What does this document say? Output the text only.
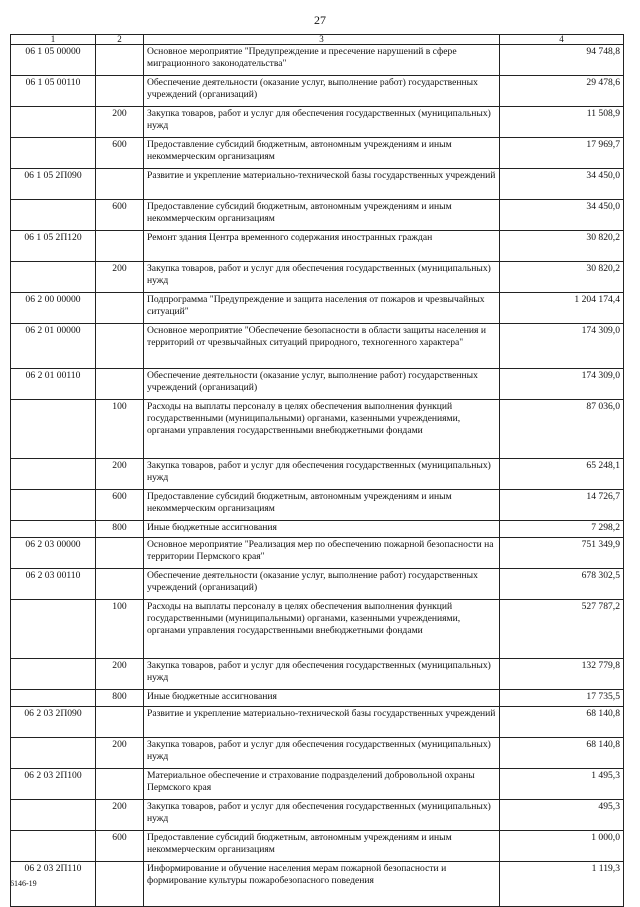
27
1	2	3	4
06 1 05 00000		Основное мероприятие "Предупреждение и пресечение нарушений в сфере миграционного законодательства"	94 748,8
06 1 05 00110		Обеспечение деятельности (оказание услуг, выполнение работ) государственных учреждений (организаций)	29 478,6
	200	Закупка товаров, работ и услуг для обеспечения государственных (муниципальных) нужд	11 508,9
	600	Предоставление субсидий бюджетным, автономным учреждениям и иным некоммерческим организациям	17 969,7
06 1 05 2П090		Развитие и укрепление материально-технической базы государственных учреждений	34 450,0
	600	Предоставление субсидий бюджетным, автономным учреждениям и иным некоммерческим организациям	34 450,0
06 1 05 2П120		Ремонт здания Центра временного содержания иностранных граждан	30 820,2
	200	Закупка товаров, работ и услуг для обеспечения государственных (муниципальных) нужд	30 820,2
06 2 00 00000		Подпрограмма "Предупреждение и защита населения от пожаров и чрезвычайных ситуаций"	1 204 174,4
06 2 01 00000		Основное мероприятие "Обеспечение безопасности в области защиты населения и территорий от чрезвычайных ситуаций природного, техногенного характера"	174 309,0
06 2 01 00110		Обеспечение деятельности (оказание услуг, выполнение работ) государственных учреждений (организаций)	174 309,0
	100	Расходы на выплаты персоналу в целях обеспечения выполнения функций государственными (муниципальными) органами, казенными учреждениями, органами управления государственными внебюджетными фондами	87 036,0
	200	Закупка товаров, работ и услуг для обеспечения государственных (муниципальных) нужд	65 248,1
	600	Предоставление субсидий бюджетным, автономным учреждениям и иным некоммерческим организациям	14 726,7
	800	Иные бюджетные ассигнования	7 298,2
06 2 03 00000		Основное мероприятие "Реализация мер по обеспечению пожарной безопасности на территории Пермского края"	751 349,9
06 2 03 00110		Обеспечение деятельности (оказание услуг, выполнение работ) государственных учреждений (организаций)	678 302,5
	100	Расходы на выплаты персоналу в целях обеспечения выполнения функций государственными (муниципальными) органами, казенными учреждениями, органами управления государственными внебюджетными фондами	527 787,2
	200	Закупка товаров, работ и услуг для обеспечения государственных (муниципальных) нужд	132 779,8
	800	Иные бюджетные ассигнования	17 735,5
06 2 03 2П090		Развитие и укрепление материально-технической базы государственных учреждений	68 140,8
	200	Закупка товаров, работ и услуг для обеспечения государственных (муниципальных) нужд	68 140,8
06 2 03 2П100		Материальное обеспечение и страхование подразделений добровольной охраны Пермского края	1 495,3
	200	Закупка товаров, работ и услуг для обеспечения государственных (муниципальных) нужд	495,3
	600	Предоставление субсидий бюджетным, автономным учреждениям и иным некоммерческим организациям	1 000,0
06 2 03 2П110		Информирование и обучение населения мерам пожарной безопасности и формирование культуры пожаробезопасного поведения	1 119,3
6146-19
